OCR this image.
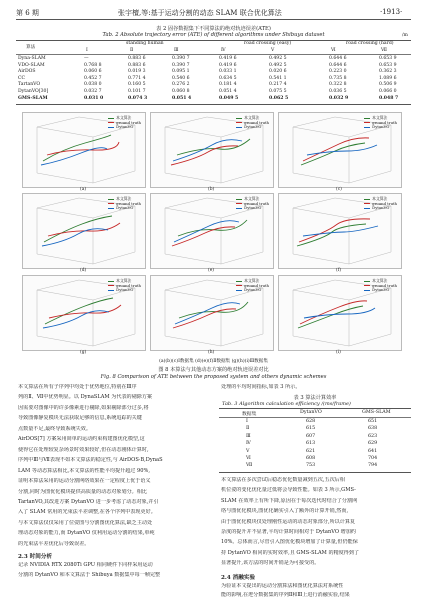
第 6 期	张宇檀,等:基于运动分割的动态 SLAM 联合优化算法	·1913·
表 2 固谷数据集下不同算法的绝对轨迹误差(ATE)
Tab. 2 Absolute trajectory error (ATE) of different algorithms under Shibuya dataset	/m
算法
standing human	road crossing (easy)	road crossing (hard)
Ⅰ	Ⅱ	Ⅲ	Ⅳ	Ⅴ	Ⅵ	Ⅶ
Dyna-SLAM	—	0.883 6	0.390 7	0.419 6	0.492 5	0.644 6	0.653 9
VDO-SLAM	0.768 8	0.883 6	0.390 7	0.419 6	0.492 5	0.644 6	0.653 9
AirDOS	0.060 6	0.019 3	0.095 1	0.033 1	0.020 6	0.223 0	0.362 3
CC	0.452 7	0.771 4	0.540 6	0.634 5	0.541 1	0.735 8	1.089 6
TartanVO	0.038 0	0.160 5	0.276 2	0.181 4	0.217 4	0.322 8	0.506 9
DytanVO[30]	0.032 7	0.101 7	0.060 8	0.051 4	0.075 5	0.036 5	0.066 0
GMS-SLAM	0.031 0	0.074 3	0.051 4	0.049 5	0.062 5	0.032 9	0.048 7
本文算法
ground truth
DytanVO
(a)
本文算法
ground truth
DytanVO
(b)
本文算法
ground truth
DytanVO
(c)
本文算法
ground truth
DytanVO
(d)
本文算法
ground truth
DytanVO
(e)
本文算法
ground truth
DytanVO
(f)
本文算法
ground truth
DytanVO
(g)
本文算法
ground truth
DytanVO
(h)
本文算法
ground truth
DytanVO
(i)
(a)(b)(c)Ⅰ数据集 (d)(e)(f)Ⅱ数据集 (g)(h)(i)Ⅲ数据集
图 8 本算法与其他动态方案的绝对轨迹误差对比
Fig. 8 Comparison of ATE between the proposed system and others dynamic schemes
本文算法在所有子序列中均处于优势地位,特别在Ⅲ序
列的Ⅱ、Ⅶ中优势明显。以 DynaSLAM 为代表的剔除方案
因需要对图像中的许多像素进行剔除,如果剔除部分过多,将
导致图像静复模块无法获取足够的信息,系统追踪的关键
点数量不足,最终导致系统失效。
AirDOS[7] 方案采用简单的运动约束构建图优化模型,这
使得它在处理较复杂场景时效果较好,但在动态刚体计算时,
序列中Ⅲ与Ⅶ表现不如本文算法的稳定性,与 AirDOS·B,DynaS
LAM 等动态算法相比,本文算法的性能平均提升超过 90%,
证明本算法采用的运动分割网络效果在一定程度上优于语义
分割,同时为图优化模块提供高质量的动态对象划分。相比
TartanVO,其改进方案 DytanVO 进一步考虑了动态对象,并引
入了 SLAM 常用的光束法平差调整,在各个序列中表现更好。
与本文算法仅仅采用了位姿图与分割图优化算法,缺乏主动处
理动态对象的能力,而 DytanVO 仅利用运动分割的结果,单纯
的光束法平差优化后导致误差。
2.3 时间分析
记录 NVIDIA RTX 2080Ti GPU 相同硬件下同样采用运动
分割的 DytanVO 和本文算法于 Shibuya 数据集中每一帧完整
处理的平均时间指标,如表 3 所示。
表 3 算法计算效率
Tab. 3 Algorithm calculation efficiency /(ms/frame)
数据集	DytanVO	GMS-SLAM
Ⅰ	628	651
Ⅱ	615	638
Ⅲ	607	623
Ⅳ	613	629
Ⅴ	621	641
Ⅵ	608	704
Ⅶ	753	794
本文算法在多次尝试后稳态优化数量减到五次,五次后相
机位姿的变化优化量过低将会导致性能。如表 3 所示,GMS-
SLAM 在效率上有所下降,原因在于每次迭代时结合了分割网
络与图优化模块,图优化确实引入了额外的计算开销,然而,
由于图优化模块仅处理刚性运动的动态对象部分,所以计算复
杂度的提升并不显著,平均计算时间相对于 DytanVO 增加约
10%。总体而言,尽管引入图优化模块增加了计算量,但仍能保
持 DytanVO 相同的实时效率,且 GMS-SLAM 的精度得到了
显著提升,该方法的时间开销是为可接受的。
2.4 消融实验
为验证本文提出的运动分割算法和图优化算法对系统性
能的影响,在逻分数据集的序列Ⅱ和Ⅲ上进行消融实验,结果
